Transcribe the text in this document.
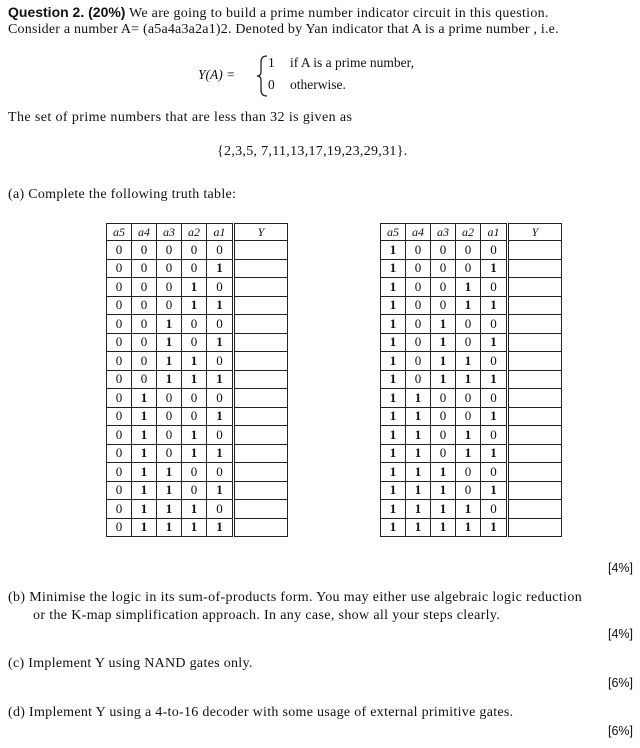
Question 2. (20%) We are going to build a prime number indicator circuit in this question.
Consider a number A= (a5a4a3a2a1)2. Denoted by Yan indicator that A is a prime number , i.e.
Y(A) =
1 if A is a prime number,
0 otherwise.
The set of prime numbers that are less than 32 is given as
{2,3,5, 7,11,13,17,19,23,29,31}.
(a) Complete the following truth table:
a5	a4	a3	a2	a1	Y
0	0	0	0	0	
0	0	0	0	1	
0	0	0	1	0	
0	0	0	1	1	
0	0	1	0	0	
0	0	1	0	1	
0	0	1	1	0	
0	0	1	1	1	
0	1	0	0	0	
0	1	0	0	1	
0	1	0	1	0	
0	1	0	1	1	
0	1	1	0	0	
0	1	1	0	1	
0	1	1	1	0	
0	1	1	1	1	
a5	a4	a3	a2	a1	Y
1	0	0	0	0	
1	0	0	0	1	
1	0	0	1	0	
1	0	0	1	1	
1	0	1	0	0	
1	0	1	0	1	
1	0	1	1	0	
1	0	1	1	1	
1	1	0	0	0	
1	1	0	0	1	
1	1	0	1	0	
1	1	0	1	1	
1	1	1	0	0	
1	1	1	0	1	
1	1	1	1	0	
1	1	1	1	1	
[4%]
(b) Minimise the logic in its sum-of-products form. You may either use algebraic logic reduction
or the K-map simplification approach. In any case, show all your steps clearly.
[4%]
(c) Implement Y using NAND gates only.
[6%]
(d) Implement Y using a 4-to-16 decoder with some usage of external primitive gates.
[6%]
